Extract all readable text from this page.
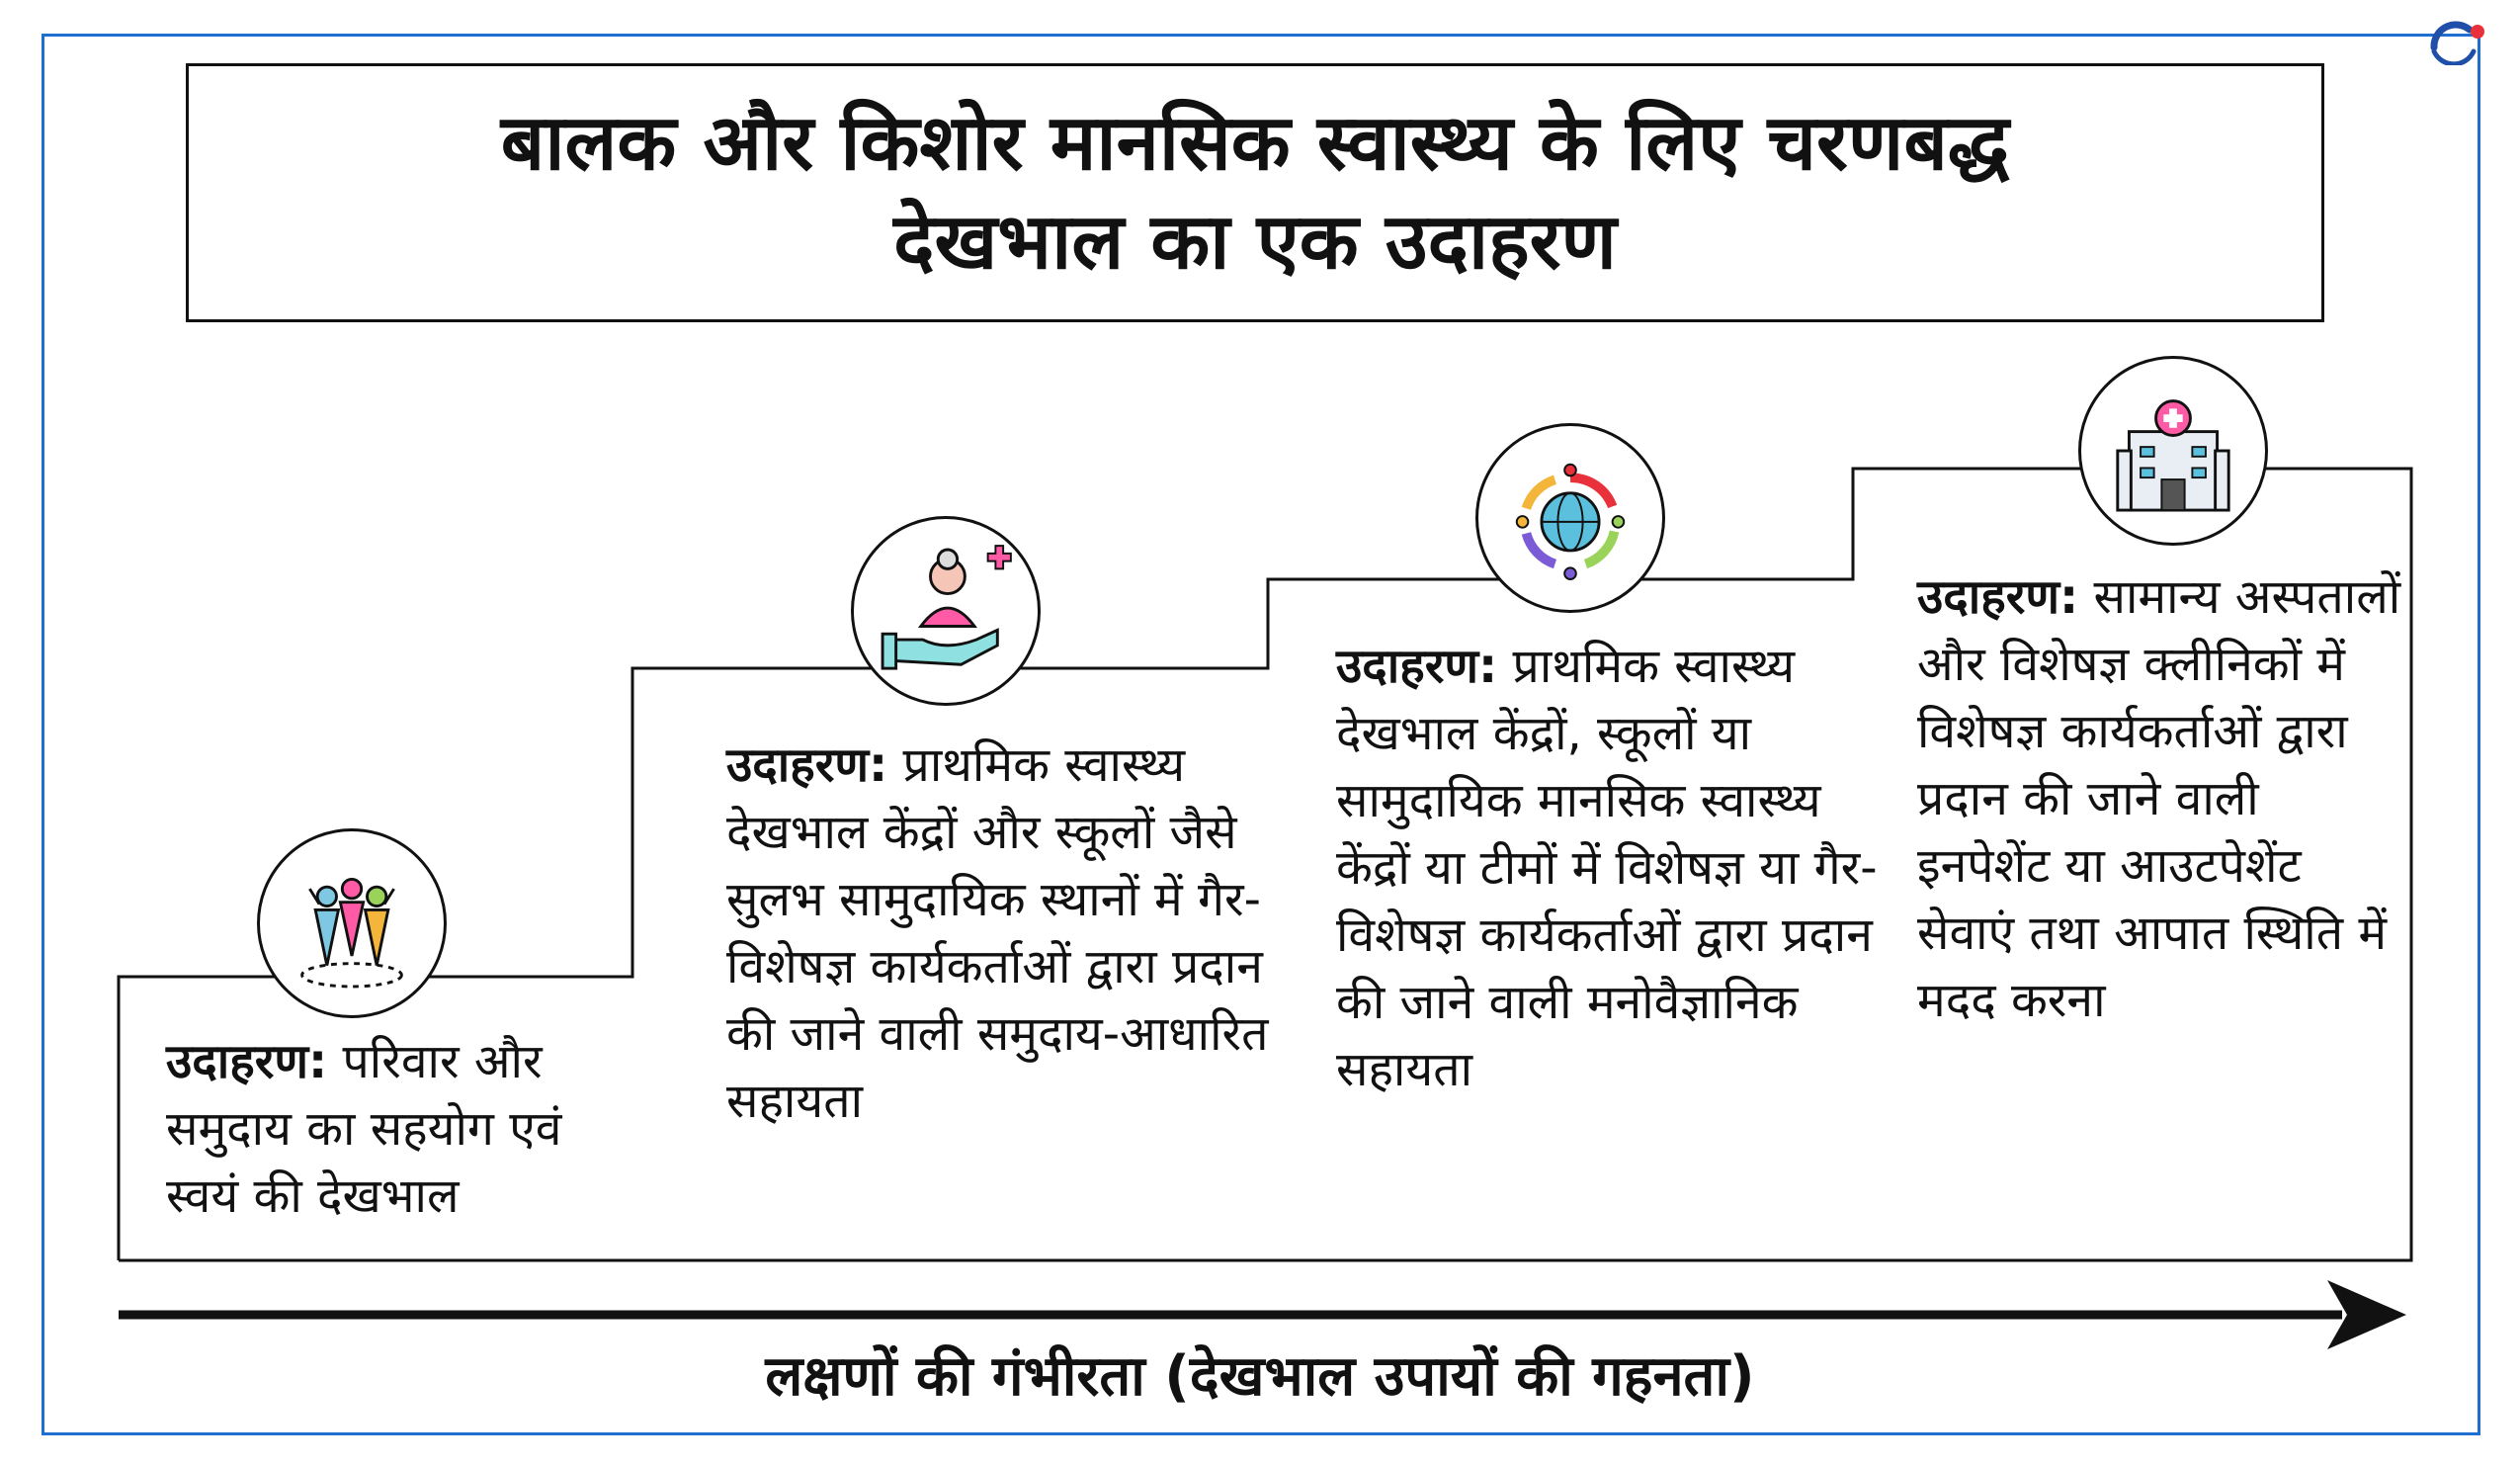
बालक और किशोर मानसिक स्वास्थ्य के लिए चरणबद्ध
देखभाल का एक उदाहरण
उदाहरण: परिवार और समुदाय का सहयोग एवं स्वयं की देखभाल
उदाहरण: प्राथमिक स्वास्थ्य देखभाल केंद्रों और स्कूलों जैसे सुलभ सामुदायिक स्थानों में गैर-विशेषज्ञ कार्यकर्ताओं द्वारा प्रदान की जाने वाली समुदाय-आधारित सहायता
उदाहरण: प्राथमिक स्वास्थ्य देखभाल केंद्रों, स्कूलों या सामुदायिक मानसिक स्वास्थ्य केंद्रों या टीमों में विशेषज्ञ या गैर-विशेषज्ञ कार्यकर्ताओं द्वारा प्रदान की जाने वाली मनोवैज्ञानिक सहायता
उदाहरण: सामान्य अस्पतालों और विशेषज्ञ क्लीनिकों में विशेषज्ञ कार्यकर्ताओं द्वारा प्रदान की जाने वाली इनपेशेंट या आउटपेशेंट सेवाएं तथा आपात स्थिति में मदद करना
लक्षणों की गंभीरता (देखभाल उपायों की गहनता)
